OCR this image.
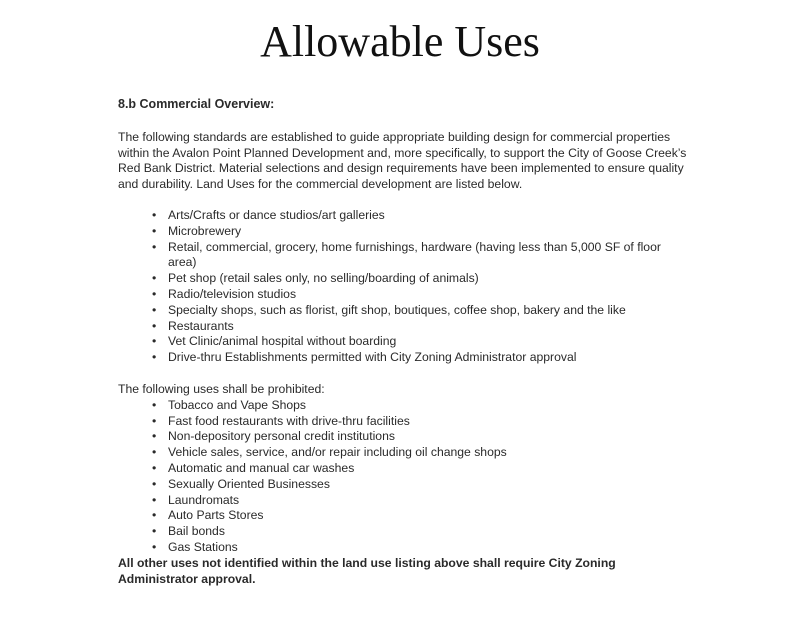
Allowable Uses
8.b Commercial Overview:

The following standards are established to guide appropriate building design for commercial properties within the Avalon Point Planned Development and, more specifically, to support the City of Goose Creek’s Red Bank District. Material selections and design requirements have been implemented to ensure quality and durability. Land Uses for the commercial development are listed below.

• Arts/Crafts or dance studios/art galleries
• Microbrewery
• Retail, commercial, grocery, home furnishings, hardware (having less than 5,000 SF of floor area)
• Pet shop (retail sales only, no selling/boarding of animals)
• Radio/television studios
• Specialty shops, such as florist, gift shop, boutiques, coffee shop, bakery and the like
• Restaurants
• Vet Clinic/animal hospital without boarding
• Drive-thru Establishments permitted with City Zoning Administrator approval
The following uses shall be prohibited:
• Tobacco and Vape Shops
• Fast food restaurants with drive-thru facilities
• Non-depository personal credit institutions
• Vehicle sales, service, and/or repair including oil change shops
• Automatic and manual car washes
• Sexually Oriented Businesses
• Laundromats
• Auto Parts Stores
• Bail bonds
• Gas Stations

All other uses not identified within the land use listing above shall require City Zoning Administrator approval.
